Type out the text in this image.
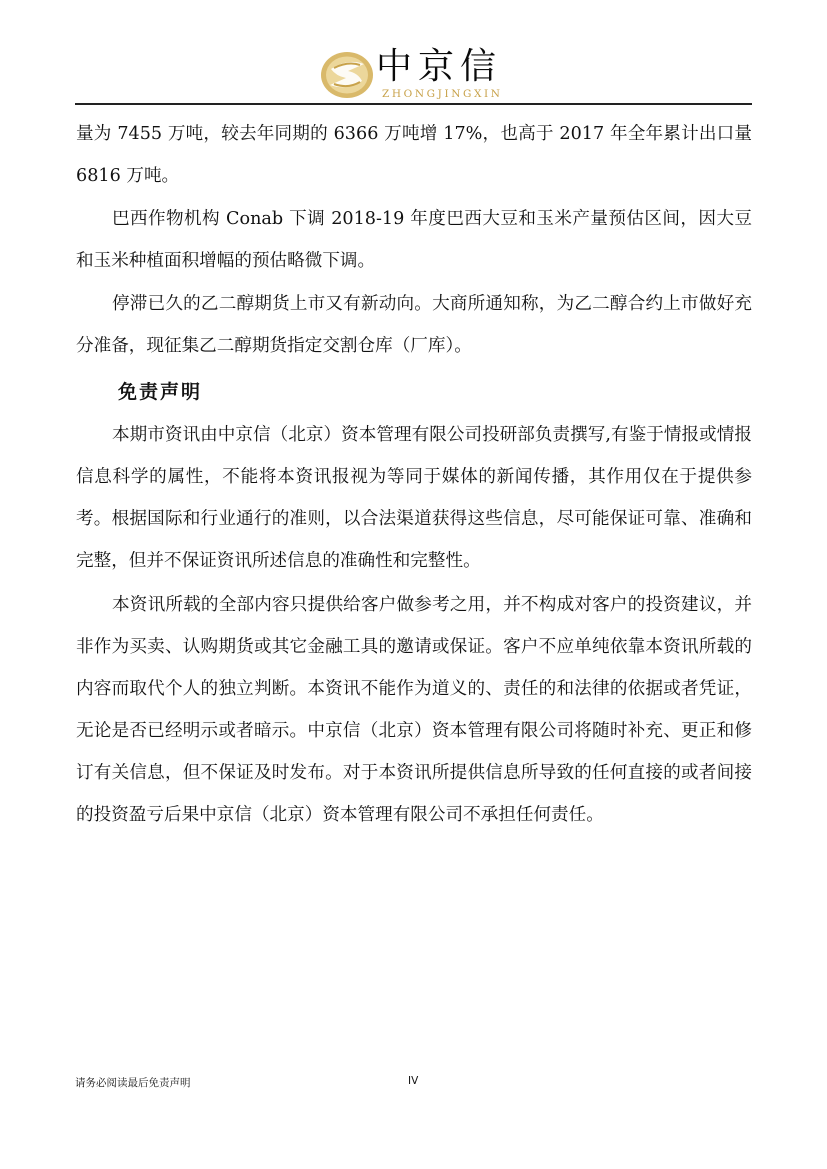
中京信
ZHONGJINGXIN

量为 7455 万吨，较去年同期的 6366 万吨增 17%，也高于 2017 年全年累计出口量 6816 万吨。

巴西作物机构 Conab 下调 2018-19 年度巴西大豆和玉米产量预估区间，因大豆和玉米种植面积增幅的预估略微下调。

停滞已久的乙二醇期货上市又有新动向。大商所通知称，为乙二醇合约上市做好充分准备，现征集乙二醇期货指定交割仓库（厂库）。

免责声明

本期市资讯由中京信（北京）资本管理有限公司投研部负责撰写,有鉴于情报或情报信息科学的属性，不能将本资讯报视为等同于媒体的新闻传播，其作用仅在于提供参考。根据国际和行业通行的准则，以合法渠道获得这些信息，尽可能保证可靠、准确和完整，但并不保证资讯所述信息的准确性和完整性。

本资讯所载的全部内容只提供给客户做参考之用，并不构成对客户的投资建议，并非作为买卖、认购期货或其它金融工具的邀请或保证。客户不应单纯依靠本资讯所载的内容而取代个人的独立判断。本资讯不能作为道义的、责任的和法律的依据或者凭证，无论是否已经明示或者暗示。中京信（北京）资本管理有限公司将随时补充、更正和修订有关信息，但不保证及时发布。对于本资讯所提供信息所导致的任何直接的或者间接的投资盈亏后果中京信（北京）资本管理有限公司不承担任何责任。

请务必阅读最后免责声明	IV
